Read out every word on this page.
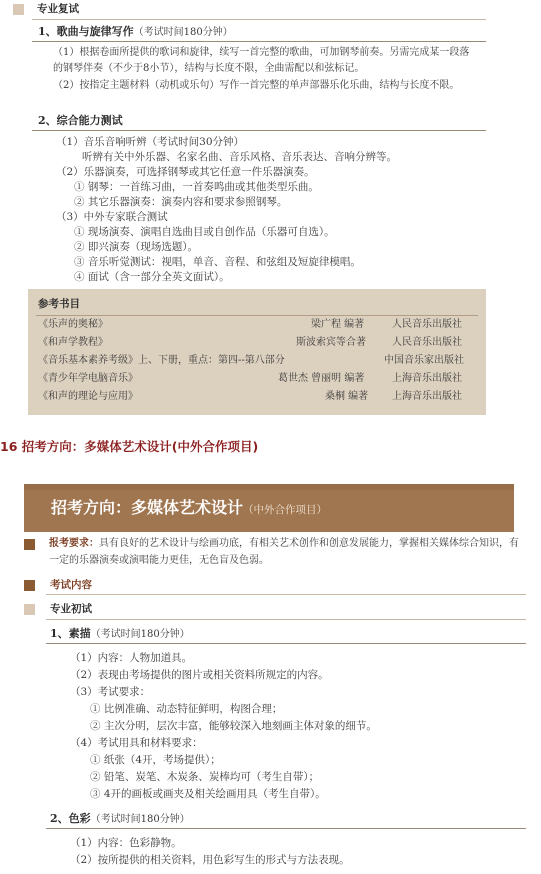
专业复试
1、歌曲与旋律写作（考试时间180分钟）
（1）根据卷面所提供的歌词和旋律，续写一首完整的歌曲，可加钢琴前奏。另需完成某一段落的钢琴伴奏（不少于8小节），结构与长度不限，全曲需配以和弦标记。
（2）按指定主题材料（动机或乐句）写作一首完整的单声部器乐化乐曲，结构与长度不限。
2、综合能力测试
（1）音乐音响听辨（考试时间30分钟）
听辨有关中外乐器、名家名曲、音乐风格、音乐表达、音响分辨等。
（2）乐器演奏，可选择钢琴或其它任意一件乐器演奏。
① 钢琴：一首练习曲，一首奏鸣曲或其他类型乐曲。
② 其它乐器演奏：演奏内容和要求参照钢琴。
（3）中外专家联合测试
① 现场演奏、演唱自选曲目或自创作品（乐器可自选）。
② 即兴演奏（现场选题）。
③ 音乐听觉测试：视唱，单音、音程、和弦组及短旋律模唱。
④ 面试（含一部分全英文面试）。
参考书目
《乐声的奥秘》	梁广程 编著	人民音乐出版社
《和声学教程》	斯波索宾等合著	人民音乐出版社
《音乐基本素养考级》上、下册，重点：第四--第八部分	中国音乐家出版社
《青少年学电脑音乐》	葛世杰 曾丽明 编著	上海音乐出版社
《和声的理论与应用》	桑桐 编著 上海音乐出版社
16 招考方向：多媒体艺术设计(中外合作项目)
招考方向：多媒体艺术设计（中外合作项目）
报考要求：具有良好的艺术设计与绘画功底，有相关艺术创作和创意发展能力，掌握相关媒体综合知识，有一定的乐器演奏或演唱能力更佳，无色盲及色弱。
考试内容
专业初试
1、素描（考试时间180分钟）
（1）内容：人物加道具。
（2）表现由考场提供的图片或相关资料所规定的内容。
（3）考试要求：
① 比例准确、动态特征鲜明，构图合理；
② 主次分明，层次丰富，能够较深入地刻画主体对象的细节。
（4）考试用具和材料要求：
① 纸张（4开，考场提供）；
② 铅笔、炭笔、木炭条、炭棒均可（考生自带）；
③ 4开的画板或画夹及相关绘画用具（考生自带）。
2、色彩（考试时间180分钟）
（1）内容：色彩静物。
（2）按所提供的相关资料，用色彩写生的形式与方法表现。
